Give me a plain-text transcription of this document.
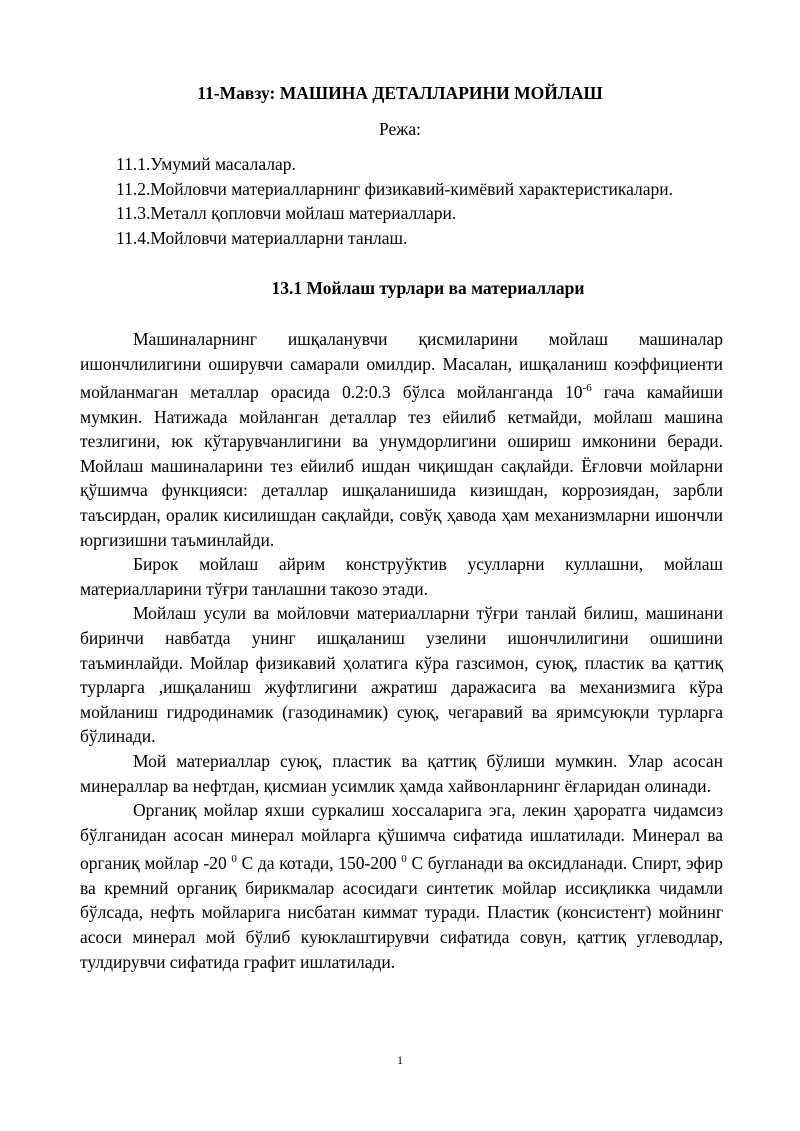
11-Мавзу: МАШИНА ДЕТАЛЛАРИНИ МОЙЛАШ
Режа:
11.1.Умумий масалалар.
11.2.Мойловчи материалларнинг физикавий-кимёвий характеристикалари.
11.3.Металл қопловчи мойлаш материаллари.
11.4.Мойловчи материалларни танлаш.
13.1 Мойлаш турлари ва материаллари

Машиналарнинг ишқаланувчи қисмиларини мойлаш машиналар ишончлилигини оширувчи самарали омилдир. Масалан, ишқаланиш коэффициенти мойланмаган металлар орасида 0.2:0.3 бўлса мойланганда $10^{-6}$ гача камайиши мумкин. Натижада мойланган деталлар тез ейилиб кетмайди, мойлаш машина тезлигини, юк кўтарувчанлигини ва унумдорлигини ошириш имконини беради. Мойлаш машиналарини тез ейилиб ишдан чиқишдан сақлайди. Ёғловчи мойларни қўшимча функцияси: деталлар ишқаланишида кизишдан, коррозиядан, зарбли таъсирдан, оралик кисилишдан сақлайди, совўқ ҳавода ҳам механизмларни ишончли юргизишни таъминлайди.

Бирок мойлаш айрим конструўктив усулларни куллашни, мойлаш материалларини тўғри танлашни такозо этади.

Мойлаш усули ва мойловчи материалларни тўғри танлай билиш, машинани биринчи навбатда унинг ишқаланиш узелини ишончлилигини ошишини таъминлайди. Мойлар физикавий ҳолатига кўра газсимон, суюқ, пластик ва қаттиқ турларга ,ишқаланиш жуфтлигини ажратиш даражасига ва механизмига кўра мойланиш гидродинамик (газодинамик) суюқ, чегаравий ва яримсуюқли турларга бўлинади.

Мой материаллар суюқ, пластик ва қаттиқ бўлиши мумкин. Улар асосан минераллар ва нефтдан, қисмиан усимлик ҳамда хайвонларнинг ёғларидан олинади.

Органиқ мойлар яхши суркалиш хоссаларига эга, лекин ҳароратга чидамсиз бўлганидан асосан минерал мойларга қўшимча сифатида ишлатилади. Минерал ва органиқ мойлар -20 $^0$ С да котади, 150-200 $^0$ С бугланади ва оксидланади. Спирт, эфир ва кремний органиқ бирикмалар асосидаги синтетик мойлар иссиқликка чидамли бўлсада, нефть мойларига нисбатан киммат туради. Пластик (консистент) мойнинг асоси минерал мой бўлиб куюклаштирувчи сифатида совун, қаттиқ углеводлар, тулдирувчи сифатида графит ишлатилади.

1
